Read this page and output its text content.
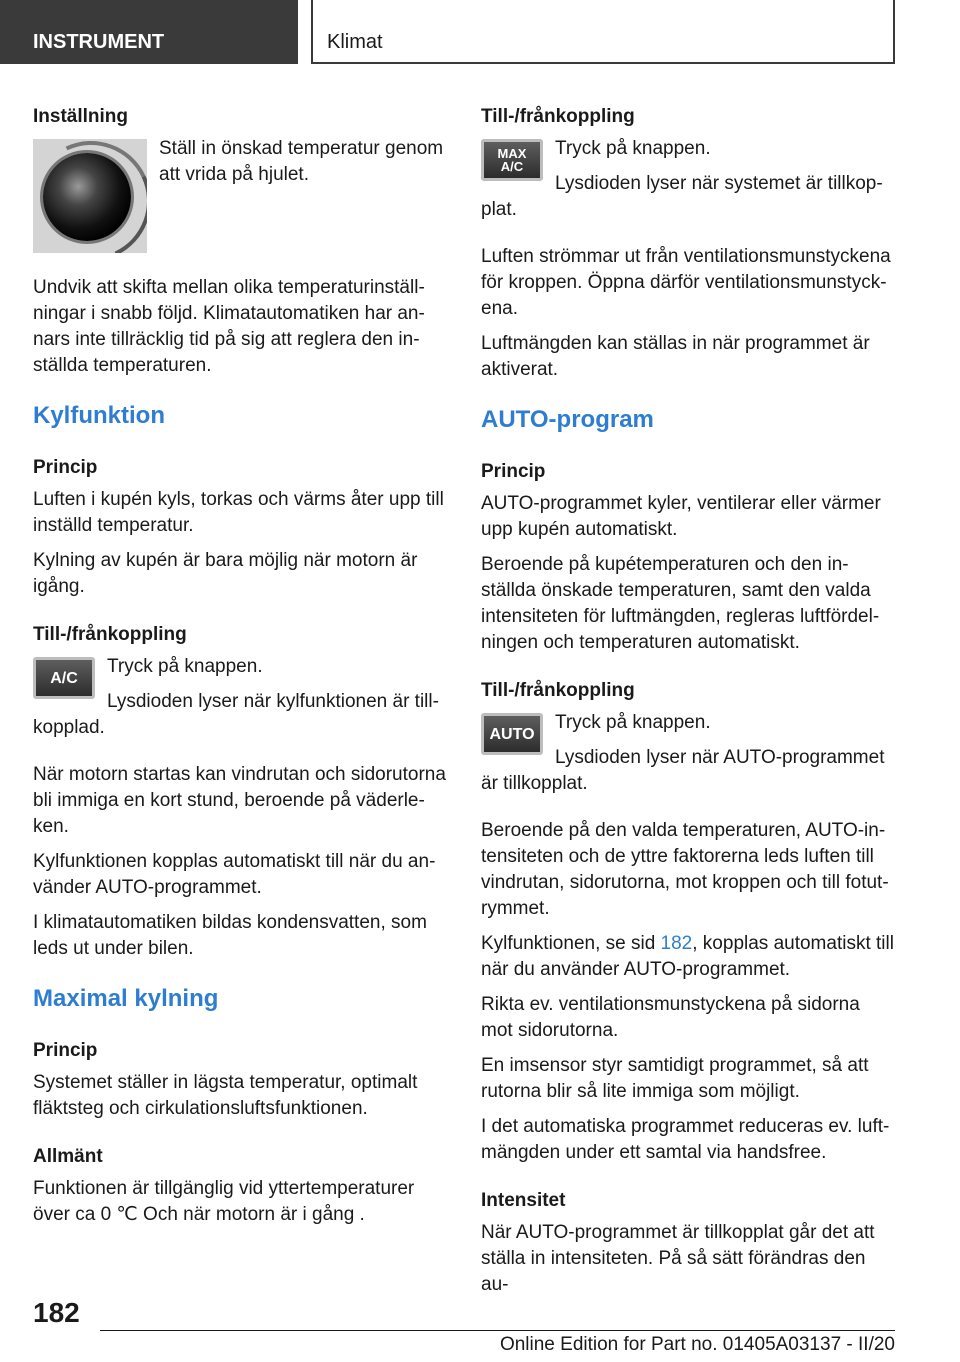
INSTRUMENT	Klimat
Inställning
Ställ in önskad temperatur genom att vrida på hjulet.
Undvik att skifta mellan olika temperaturinställningar i snabb följd. Klimatautomatiken har annars inte tillräcklig tid på sig att reglera den inställda temperaturen.
Kylfunktion
Princip
Luften i kupén kyls, torkas och värms åter upp till inställd temperatur.
Kylning av kupén är bara möjlig när motorn är igång.
Till-/frånkoppling
A/C
Tryck på knappen.
Lysdioden lyser när kylfunktionen är tillkopplad.
När motorn startas kan vindrutan och sidorutorna bli immiga en kort stund, beroende på väderleken.
Kylfunktionen kopplas automatiskt till när du använder AUTO-programmet.
I klimatautomatiken bildas kondensvatten, som leds ut under bilen.
Maximal kylning
Princip
Systemet ställer in lägsta temperatur, optimalt fläktsteg och cirkulationsluftsfunktionen.
Allmänt
Funktionen är tillgänglig vid yttertemperaturer över ca 0 ℃ Och när motorn är i gång .
Till-/frånkoppling
MAX
A/C
Tryck på knappen.
Lysdioden lyser när systemet är tillkopplat.
Luften strömmar ut från ventilationsmunstyckena för kroppen. Öppna därför ventilationsmunstyckena.
Luftmängden kan ställas in när programmet är aktiverat.
AUTO-program
Princip
AUTO-programmet kyler, ventilerar eller värmer upp kupén automatiskt.
Beroende på kupétemperaturen och den inställda önskade temperaturen, samt den valda intensiteten för luftmängden, regleras luftfördelningen och temperaturen automatiskt.
Till-/frånkoppling
AUTO
Tryck på knappen.
Lysdioden lyser när AUTO-programmet är tillkopplat.
Beroende på den valda temperaturen, AUTO-intensiteten och de yttre faktorerna leds luften till vindrutan, sidorutorna, mot kroppen och till fotutrymmet.
Kylfunktionen, se sid 182, kopplas automatiskt till när du använder AUTO-programmet.
Rikta ev. ventilationsmunstyckena på sidorna mot sidorutorna.
En imsensor styr samtidigt programmet, så att rutorna blir så lite immiga som möjligt.
I det automatiska programmet reduceras ev. luftmängden under ett samtal via handsfree.
Intensitet
När AUTO-programmet är tillkopplat går det att ställa in intensiteten. På så sätt förändras den au-
182
Online Edition for Part no. 01405A03137 - II/20
